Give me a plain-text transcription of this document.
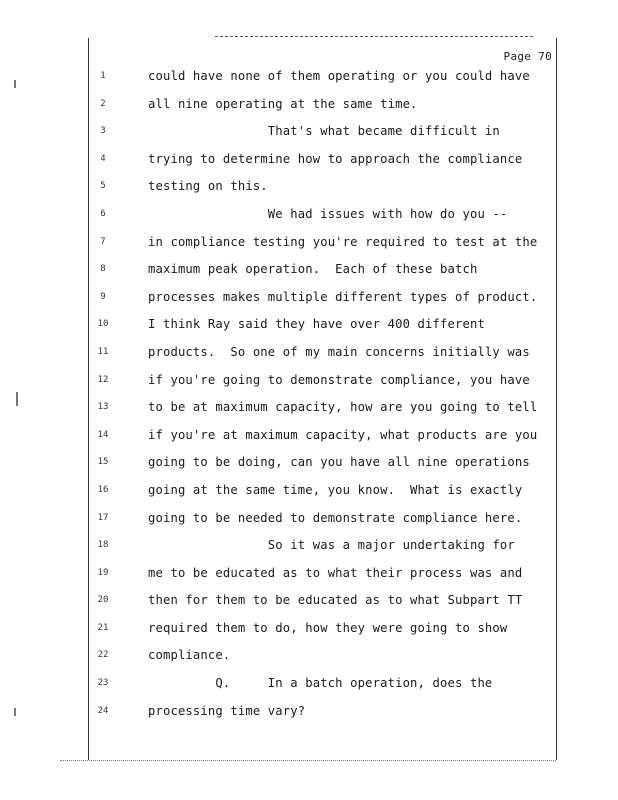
Page 70
1	could have none of them operating or you could have
2	all nine operating at the same time.
3	That's what became difficult in
4	trying to determine how to approach the compliance
5	testing on this.
6	We had issues with how do you --
7	in compliance testing you're required to test at the
8	maximum peak operation.  Each of these batch
9	processes makes multiple different types of product.
10	I think Ray said they have over 400 different
11	products.  So one of my main concerns initially was
12	if you're going to demonstrate compliance, you have
13	to be at maximum capacity, how are you going to tell
14	if you're at maximum capacity, what products are you
15	going to be doing, can you have all nine operations
16	going at the same time, you know.  What is exactly
17	going to be needed to demonstrate compliance here.
18	So it was a major undertaking for
19	me to be educated as to what their process was and
20	then for them to be educated as to what Subpart TT
21	required them to do, how they were going to show
22	compliance.
23	Q.     In a batch operation, does the
24	processing time vary?
